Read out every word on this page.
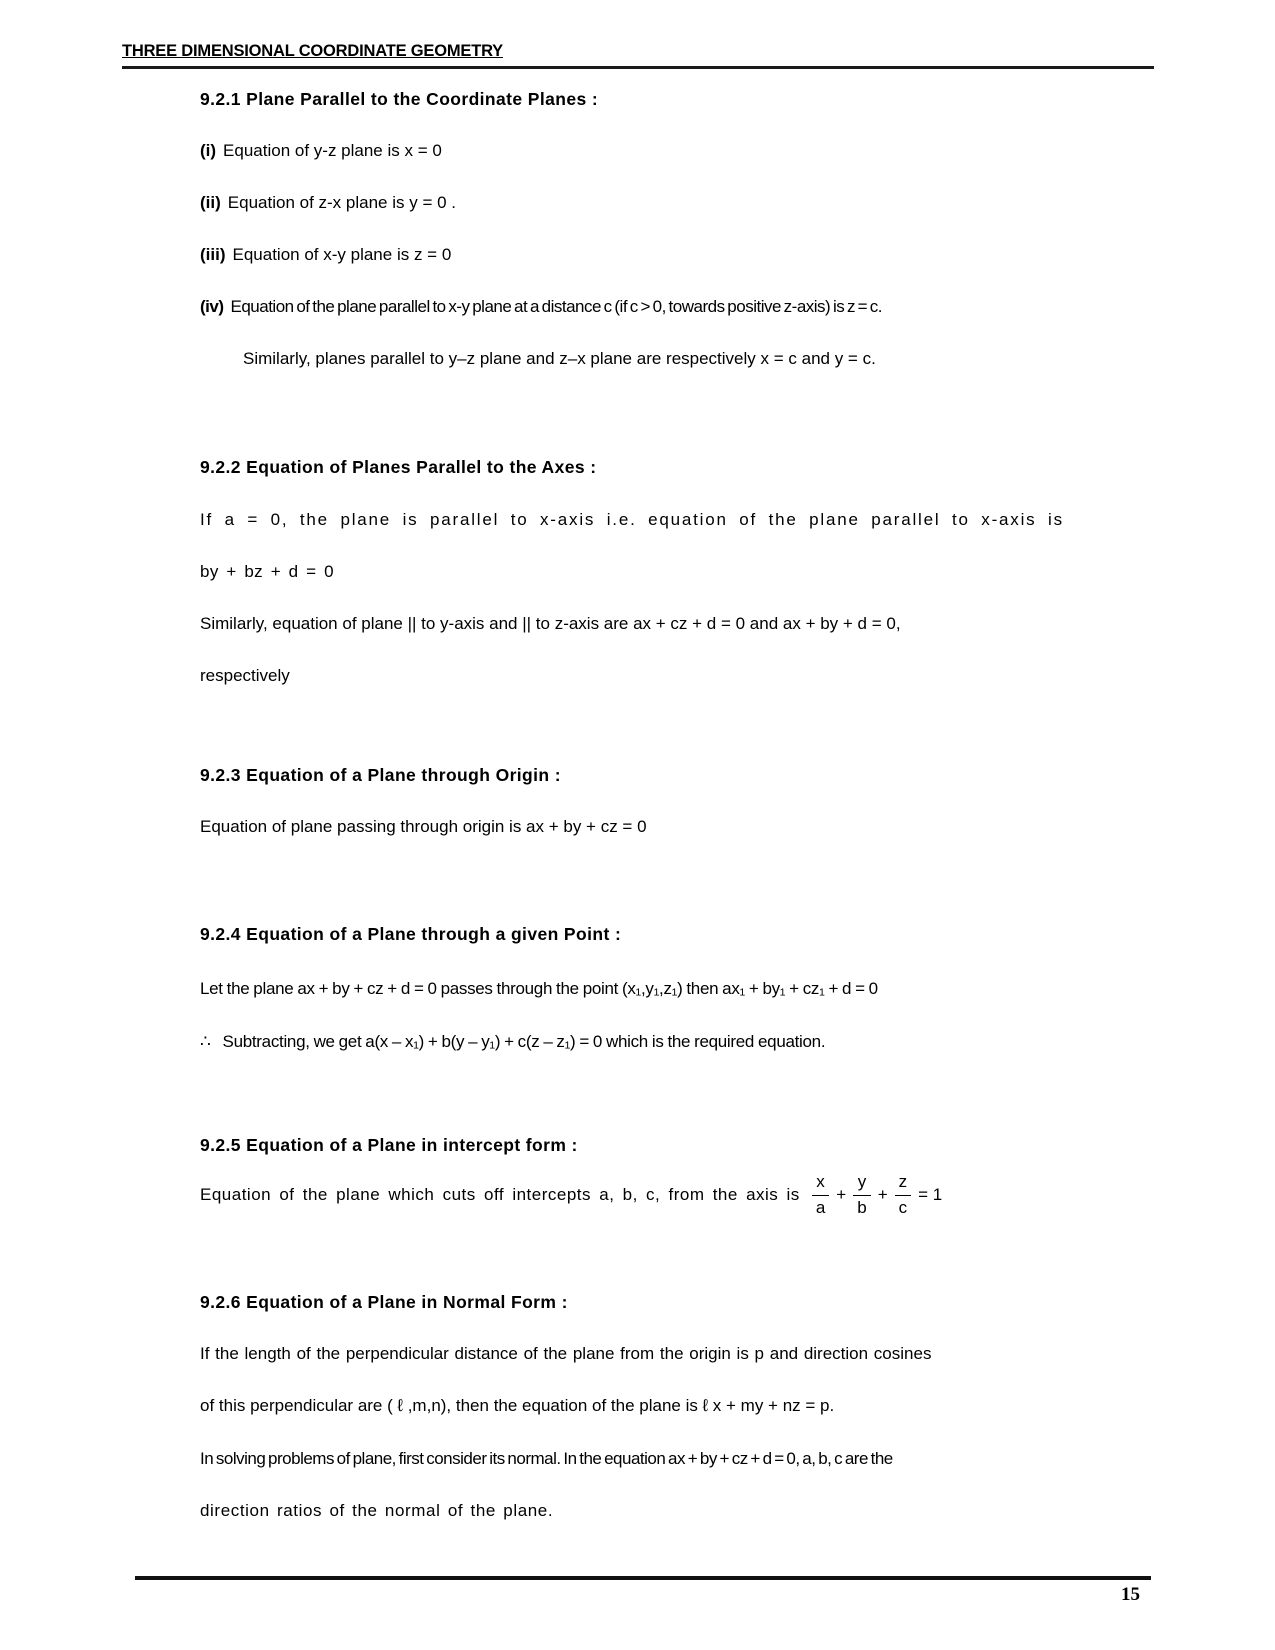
THREE DIMENSIONAL COORDINATE GEOMETRY
9.2.1 Plane Parallel to the Coordinate Planes :
(i) Equation of y-z plane is x = 0
(ii) Equation of z-x plane is y = 0 .
(iii) Equation of x-y plane is z = 0
(iv) Equation of the plane parallel to x-y plane at a distance c (if c > 0, towards positive z-axis) is z = c.
Similarly, planes parallel to y–z plane and z–x plane are respectively x = c and y = c.
9.2.2 Equation of Planes Parallel to the Axes :
If a = 0, the plane is parallel to x-axis i.e. equation of the plane parallel to x-axis is
by + bz + d = 0
Similarly, equation of plane || to y-axis and || to z-axis are ax + cz + d = 0 and ax + by + d = 0,
respectively
9.2.3 Equation of a Plane through Origin :
Equation of plane passing through origin is ax + by + cz = 0
9.2.4 Equation of a Plane through a given Point :
Let the plane ax + by + cz + d = 0 passes through the point (x₁,y₁,z₁) then ax₁ + by₁ + cz₁ + d = 0
∴ Subtracting, we get a(x – x₁) + b(y – y₁) + c(z – z₁) = 0 which is the required equation.
9.2.5 Equation of a Plane in intercept form :
Equation of the plane which cuts off intercepts a, b, c, from the axis is $\frac{x}{a} + \frac{y}{b} + \frac{z}{c} = 1$
9.2.6 Equation of a Plane in Normal Form :
If the length of the perpendicular distance of the plane from the origin is p and direction cosines
of this perpendicular are ( ℓ ,m,n), then the equation of the plane is ℓ x + my + nz = p.
In solving problems of plane, first consider its normal. In the equation ax + by + cz + d = 0, a, b, c are the
direction ratios of the normal of the plane.
15
